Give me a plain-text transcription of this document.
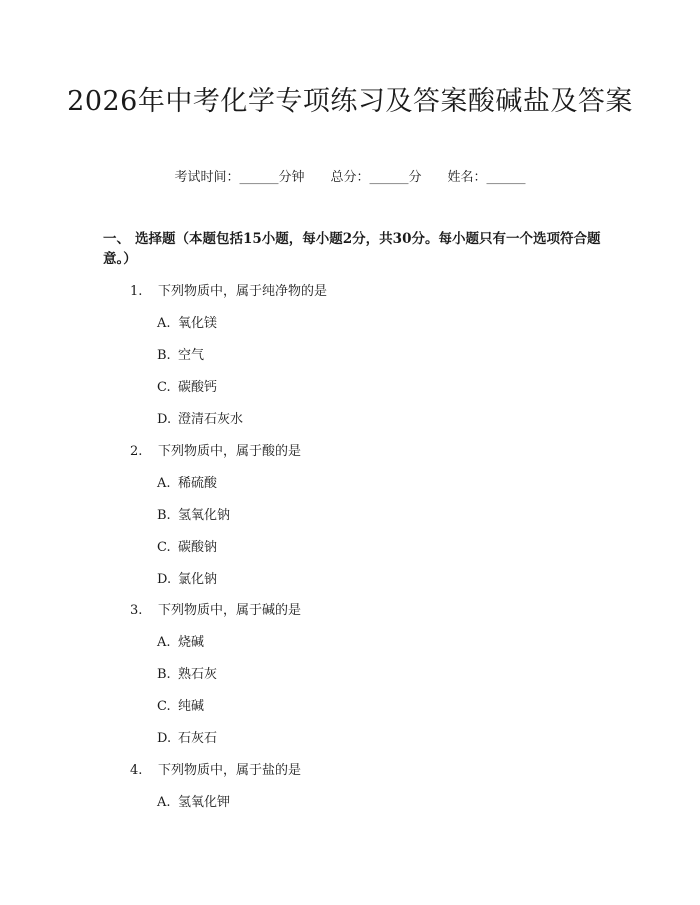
2026年中考化学专项练习及答案酸碱盐及答案
考试时间：______分钟 总分：______分 姓名：______
一、 选择题（本题包括15小题，每小题2分，共30分。每小题只有一个选项符合题意。）
1. 下列物质中，属于纯净物的是
A. 氧化镁
B. 空气
C. 碳酸钙
D. 澄清石灰水
2. 下列物质中，属于酸的是
A. 稀硫酸
B. 氢氧化钠
C. 碳酸钠
D. 氯化钠
3. 下列物质中，属于碱的是
A. 烧碱
B. 熟石灰
C. 纯碱
D. 石灰石
4. 下列物质中，属于盐的是
A. 氢氧化钾
